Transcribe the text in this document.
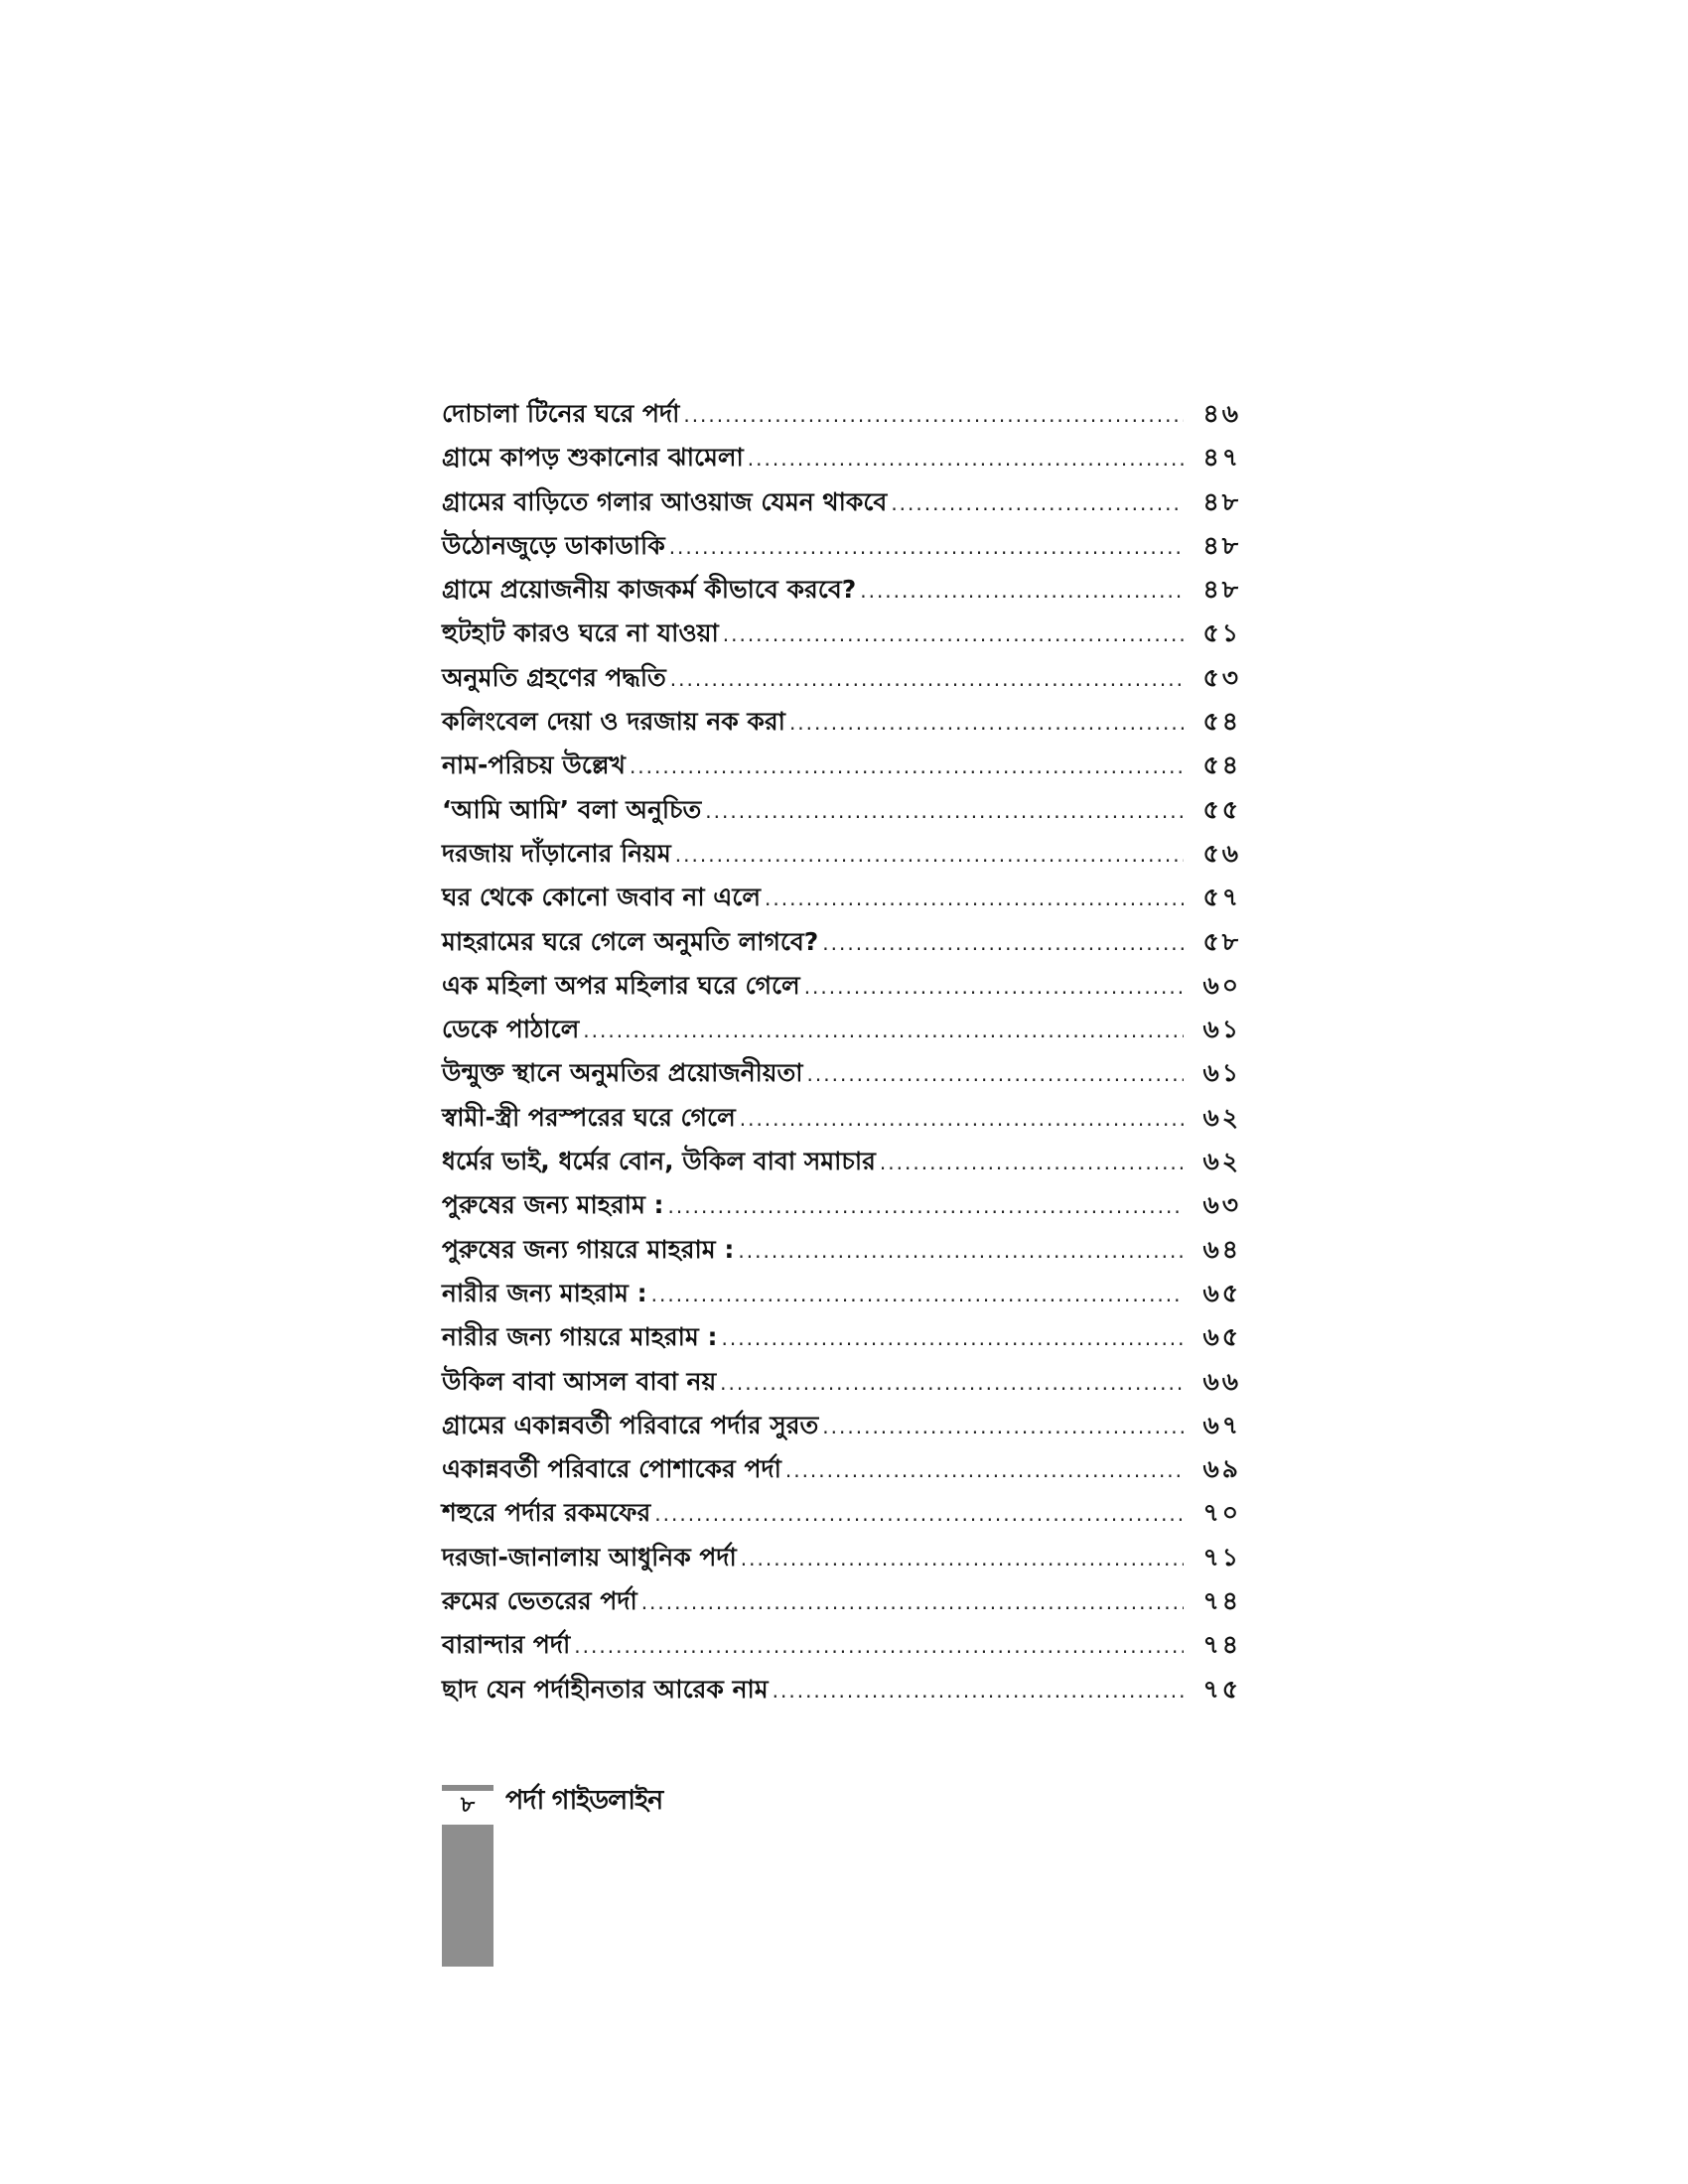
দোচালা টিনের ঘরে পর্দা .....	৪৬
গ্রামে কাপড় শুকানোর ঝামেলা .....	৪৭
গ্রামের বাড়িতে গলার আওয়াজ যেমন থাকবে .....	৪৮
উঠোনজুড়ে ডাকাডাকি .....	৪৮
গ্রামে প্রয়োজনীয় কাজকর্ম কীভাবে করবে? .....	৪৮
হুটহাট কারও ঘরে না যাওয়া .....	৫১
অনুমতি গ্রহণের পদ্ধতি .....	৫৩
কলিংবেল দেয়া ও দরজায় নক করা .....	৫৪
নাম-পরিচয় উল্লেখ .....	৫৪
‘আমি আমি’ বলা অনুচিত .....	৫৫
দরজায় দাঁড়ানোর নিয়ম .....	৫৬
ঘর থেকে কোনো জবাব না এলে .....	৫৭
মাহরামের ঘরে গেলে অনুমতি লাগবে? .....	৫৮
এক মহিলা অপর মহিলার ঘরে গেলে .....	৬০
ডেকে পাঠালে .....	৬১
উন্মুক্ত স্থানে অনুমতির প্রয়োজনীয়তা .....	৬১
স্বামী-স্ত্রী পরস্পরের ঘরে গেলে .....	৬২
ধর্মের ভাই, ধর্মের বোন, উকিল বাবা সমাচার .....	৬২
পুরুষের জন্য মাহরাম : .....	৬৩
পুরুষের জন্য গায়রে মাহরাম : .....	৬৪
নারীর জন্য মাহরাম : .....	৬৫
নারীর জন্য গায়রে মাহরাম : .....	৬৫
উকিল বাবা আসল বাবা নয় .....	৬৬
গ্রামের একান্নবর্তী পরিবারে পর্দার সুরত .....	৬৭
একান্নবর্তী পরিবারে পোশাকের পর্দা .....	৬৯
শহুরে পর্দার রকমফের .....	৭০
দরজা-জানালায় আধুনিক পর্দা .....	৭১
রুমের ভেতরের পর্দা .....	৭৪
বারান্দার পর্দা .....	৭৪
ছাদ যেন পর্দাহীনতার আরেক নাম .....	৭৫
৮	পর্দা গাইডলাইন
